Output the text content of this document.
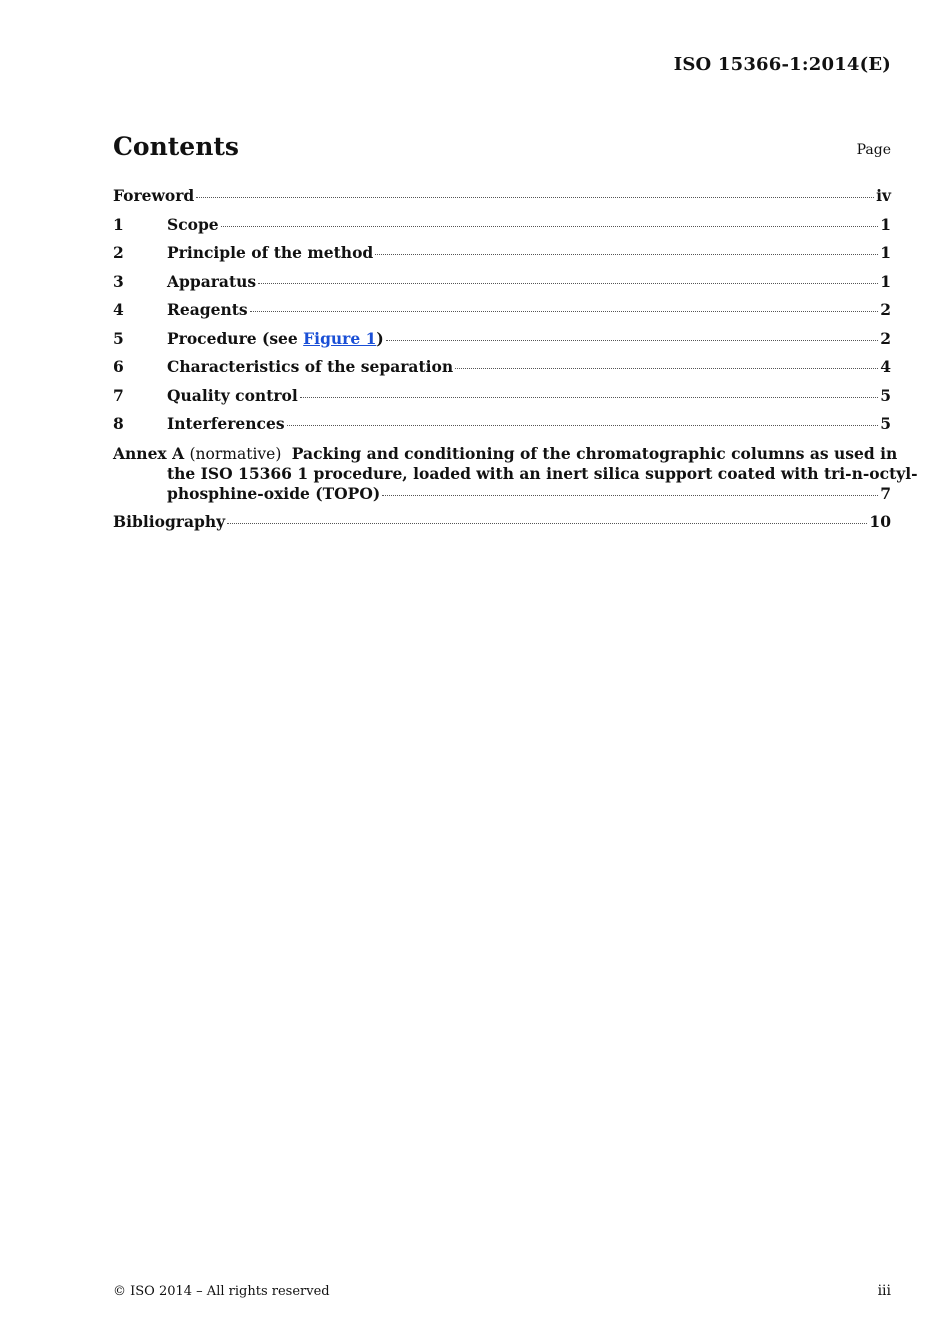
ISO 15366-1:2014(E)
Contents	Page
Foreword	iv
1	Scope	1
2	Principle of the method	1
3	Apparatus	1
4	Reagents	2
5	Procedure (see Figure 1)	2
6	Characteristics of the separation	4
7	Quality control	5
8	Interferences	5
Annex A (normative) Packing and conditioning of the chromatographic columns as used in
the ISO 15366 1 procedure, loaded with an inert silica support coated with tri-n-octyl-
phosphine-oxide (TOPO)	7
Bibliography	10
© ISO 2014 – All rights reserved	iii
